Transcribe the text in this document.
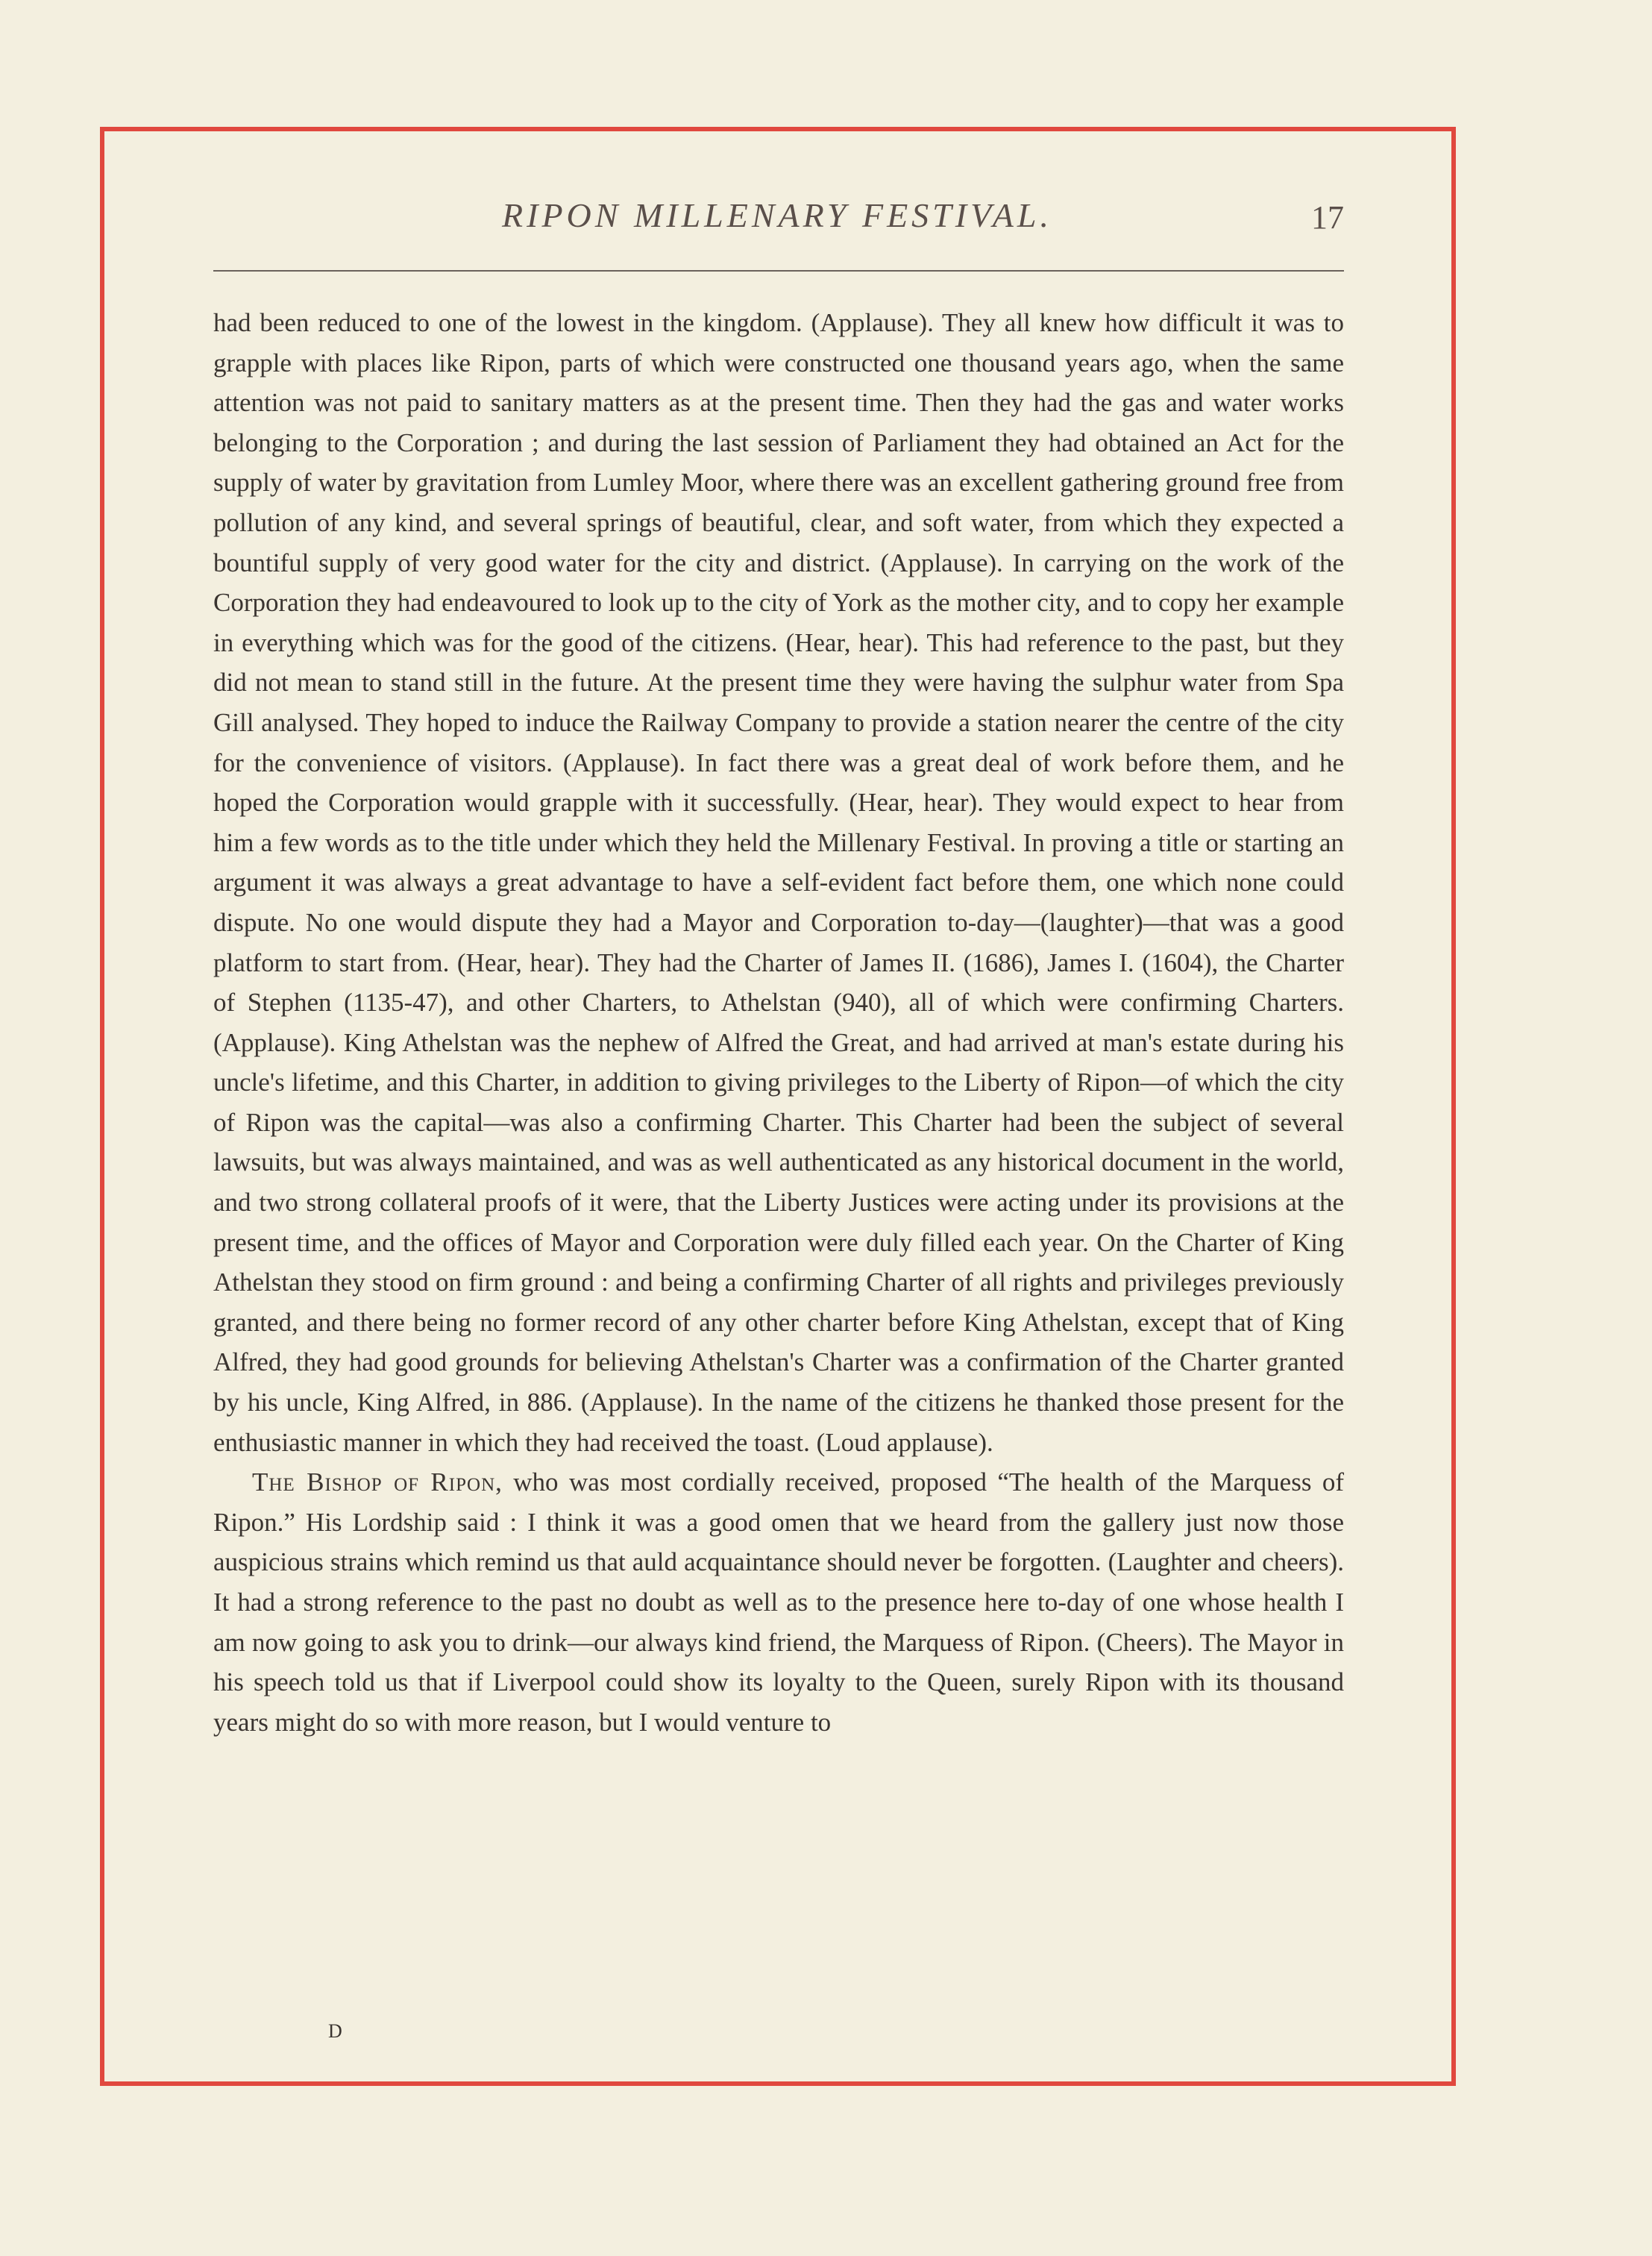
RIPON MILLENARY FESTIVAL.	17

had been reduced to one of the lowest in the kingdom. (Applause). They all knew how difficult it was to grapple with places like Ripon, parts of which were constructed one thousand years ago, when the same attention was not paid to sanitary matters as at the present time. Then they had the gas and water works belonging to the Corporation ; and during the last session of Parliament they had obtained an Act for the supply of water by gravitation from Lumley Moor, where there was an excellent gathering ground free from pollution of any kind, and several springs of beautiful, clear, and soft water, from which they expected a bountiful supply of very good water for the city and district. (Applause). In carrying on the work of the Corporation they had endeavoured to look up to the city of York as the mother city, and to copy her example in everything which was for the good of the citizens. (Hear, hear). This had reference to the past, but they did not mean to stand still in the future. At the present time they were having the sulphur water from Spa Gill analysed. They hoped to induce the Railway Company to provide a station nearer the centre of the city for the convenience of visitors. (Applause). In fact there was a great deal of work before them, and he hoped the Corporation would grapple with it successfully. (Hear, hear). They would expect to hear from him a few words as to the title under which they held the Millenary Festival. In proving a title or starting an argument it was always a great advantage to have a self-evident fact before them, one which none could dispute. No one would dispute they had a Mayor and Corporation to-day—(laughter)—that was a good platform to start from. (Hear, hear). They had the Charter of James II. (1686), James I. (1604), the Charter of Stephen (1135-47), and other Charters, to Athelstan (940), all of which were confirming Charters. (Applause). King Athelstan was the nephew of Alfred the Great, and had arrived at man's estate during his uncle's lifetime, and this Charter, in addition to giving privileges to the Liberty of Ripon—of which the city of Ripon was the capital—was also a confirming Charter. This Charter had been the subject of several lawsuits, but was always maintained, and was as well authenticated as any historical document in the world, and two strong collateral proofs of it were, that the Liberty Justices were acting under its provisions at the present time, and the offices of Mayor and Corporation were duly filled each year. On the Charter of King Athelstan they stood on firm ground : and being a confirming Charter of all rights and privileges previously granted, and there being no former record of any other charter before King Athelstan, except that of King Alfred, they had good grounds for believing Athelstan's Charter was a confirmation of the Charter granted by his uncle, King Alfred, in 886. (Applause). In the name of the citizens he thanked those present for the enthusiastic manner in which they had received the toast. (Loud applause).

The Bishop of Ripon, who was most cordially received, proposed “The health of the Marquess of Ripon.” His Lordship said : I think it was a good omen that we heard from the gallery just now those auspicious strains which remind us that auld acquaintance should never be forgotten. (Laughter and cheers). It had a strong reference to the past no doubt as well as to the presence here to-day of one whose health I am now going to ask you to drink—our always kind friend, the Marquess of Ripon. (Cheers). The Mayor in his speech told us that if Liverpool could show its loyalty to the Queen, surely Ripon with its thousand years might do so with more reason, but I would venture to

D
